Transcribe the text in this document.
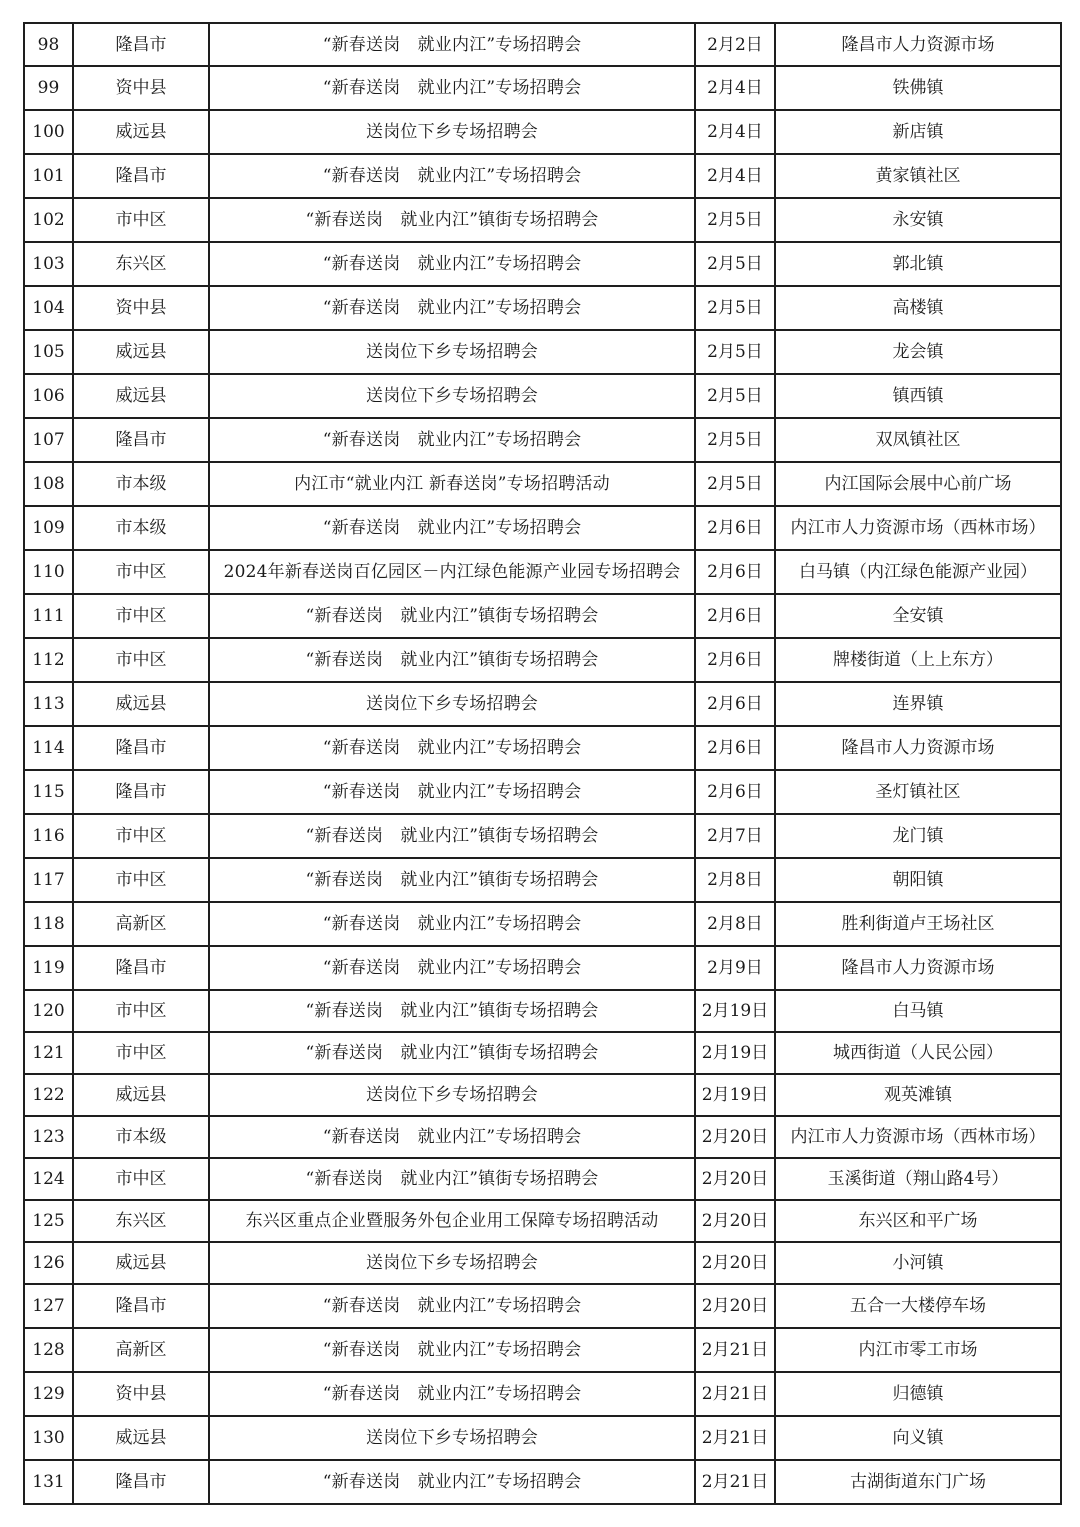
98	隆昌市	“新春送岗　就业内江”专场招聘会	2月2日	隆昌市人力资源市场
99	资中县	“新春送岗　就业内江”专场招聘会	2月4日	铁佛镇
100	威远县	送岗位下乡专场招聘会	2月4日	新店镇
101	隆昌市	“新春送岗　就业内江”专场招聘会	2月4日	黄家镇社区
102	市中区	“新春送岗　就业内江”镇街专场招聘会	2月5日	永安镇
103	东兴区	“新春送岗　就业内江”专场招聘会	2月5日	郭北镇
104	资中县	“新春送岗　就业内江”专场招聘会	2月5日	高楼镇
105	威远县	送岗位下乡专场招聘会	2月5日	龙会镇
106	威远县	送岗位下乡专场招聘会	2月5日	镇西镇
107	隆昌市	“新春送岗　就业内江”专场招聘会	2月5日	双凤镇社区
108	市本级	内江市“就业内江 新春送岗”专场招聘活动	2月5日	内江国际会展中心前广场
109	市本级	“新春送岗　就业内江”专场招聘会	2月6日	内江市人力资源市场（西林市场）
110	市中区	2024年新春送岗百亿园区－内江绿色能源产业园专场招聘会	2月6日	白马镇（内江绿色能源产业园）
111	市中区	“新春送岗　就业内江”镇街专场招聘会	2月6日	全安镇
112	市中区	“新春送岗　就业内江”镇街专场招聘会	2月6日	牌楼街道（上上东方）
113	威远县	送岗位下乡专场招聘会	2月6日	连界镇
114	隆昌市	“新春送岗　就业内江”专场招聘会	2月6日	隆昌市人力资源市场
115	隆昌市	“新春送岗　就业内江”专场招聘会	2月6日	圣灯镇社区
116	市中区	“新春送岗　就业内江”镇街专场招聘会	2月7日	龙门镇
117	市中区	“新春送岗　就业内江”镇街专场招聘会	2月8日	朝阳镇
118	高新区	“新春送岗　就业内江”专场招聘会	2月8日	胜利街道卢王场社区
119	隆昌市	“新春送岗　就业内江”专场招聘会	2月9日	隆昌市人力资源市场
120	市中区	“新春送岗　就业内江”镇街专场招聘会	2月19日	白马镇
121	市中区	“新春送岗　就业内江”镇街专场招聘会	2月19日	城西街道（人民公园）
122	威远县	送岗位下乡专场招聘会	2月19日	观英滩镇
123	市本级	“新春送岗　就业内江”专场招聘会	2月20日	内江市人力资源市场（西林市场）
124	市中区	“新春送岗　就业内江”镇街专场招聘会	2月20日	玉溪街道（翔山路4号）
125	东兴区	东兴区重点企业暨服务外包企业用工保障专场招聘活动	2月20日	东兴区和平广场
126	威远县	送岗位下乡专场招聘会	2月20日	小河镇
127	隆昌市	“新春送岗　就业内江”专场招聘会	2月20日	五合一大楼停车场
128	高新区	“新春送岗　就业内江”专场招聘会	2月21日	内江市零工市场
129	资中县	“新春送岗　就业内江”专场招聘会	2月21日	归德镇
130	威远县	送岗位下乡专场招聘会	2月21日	向义镇
131	隆昌市	“新春送岗　就业内江”专场招聘会	2月21日	古湖街道东门广场
